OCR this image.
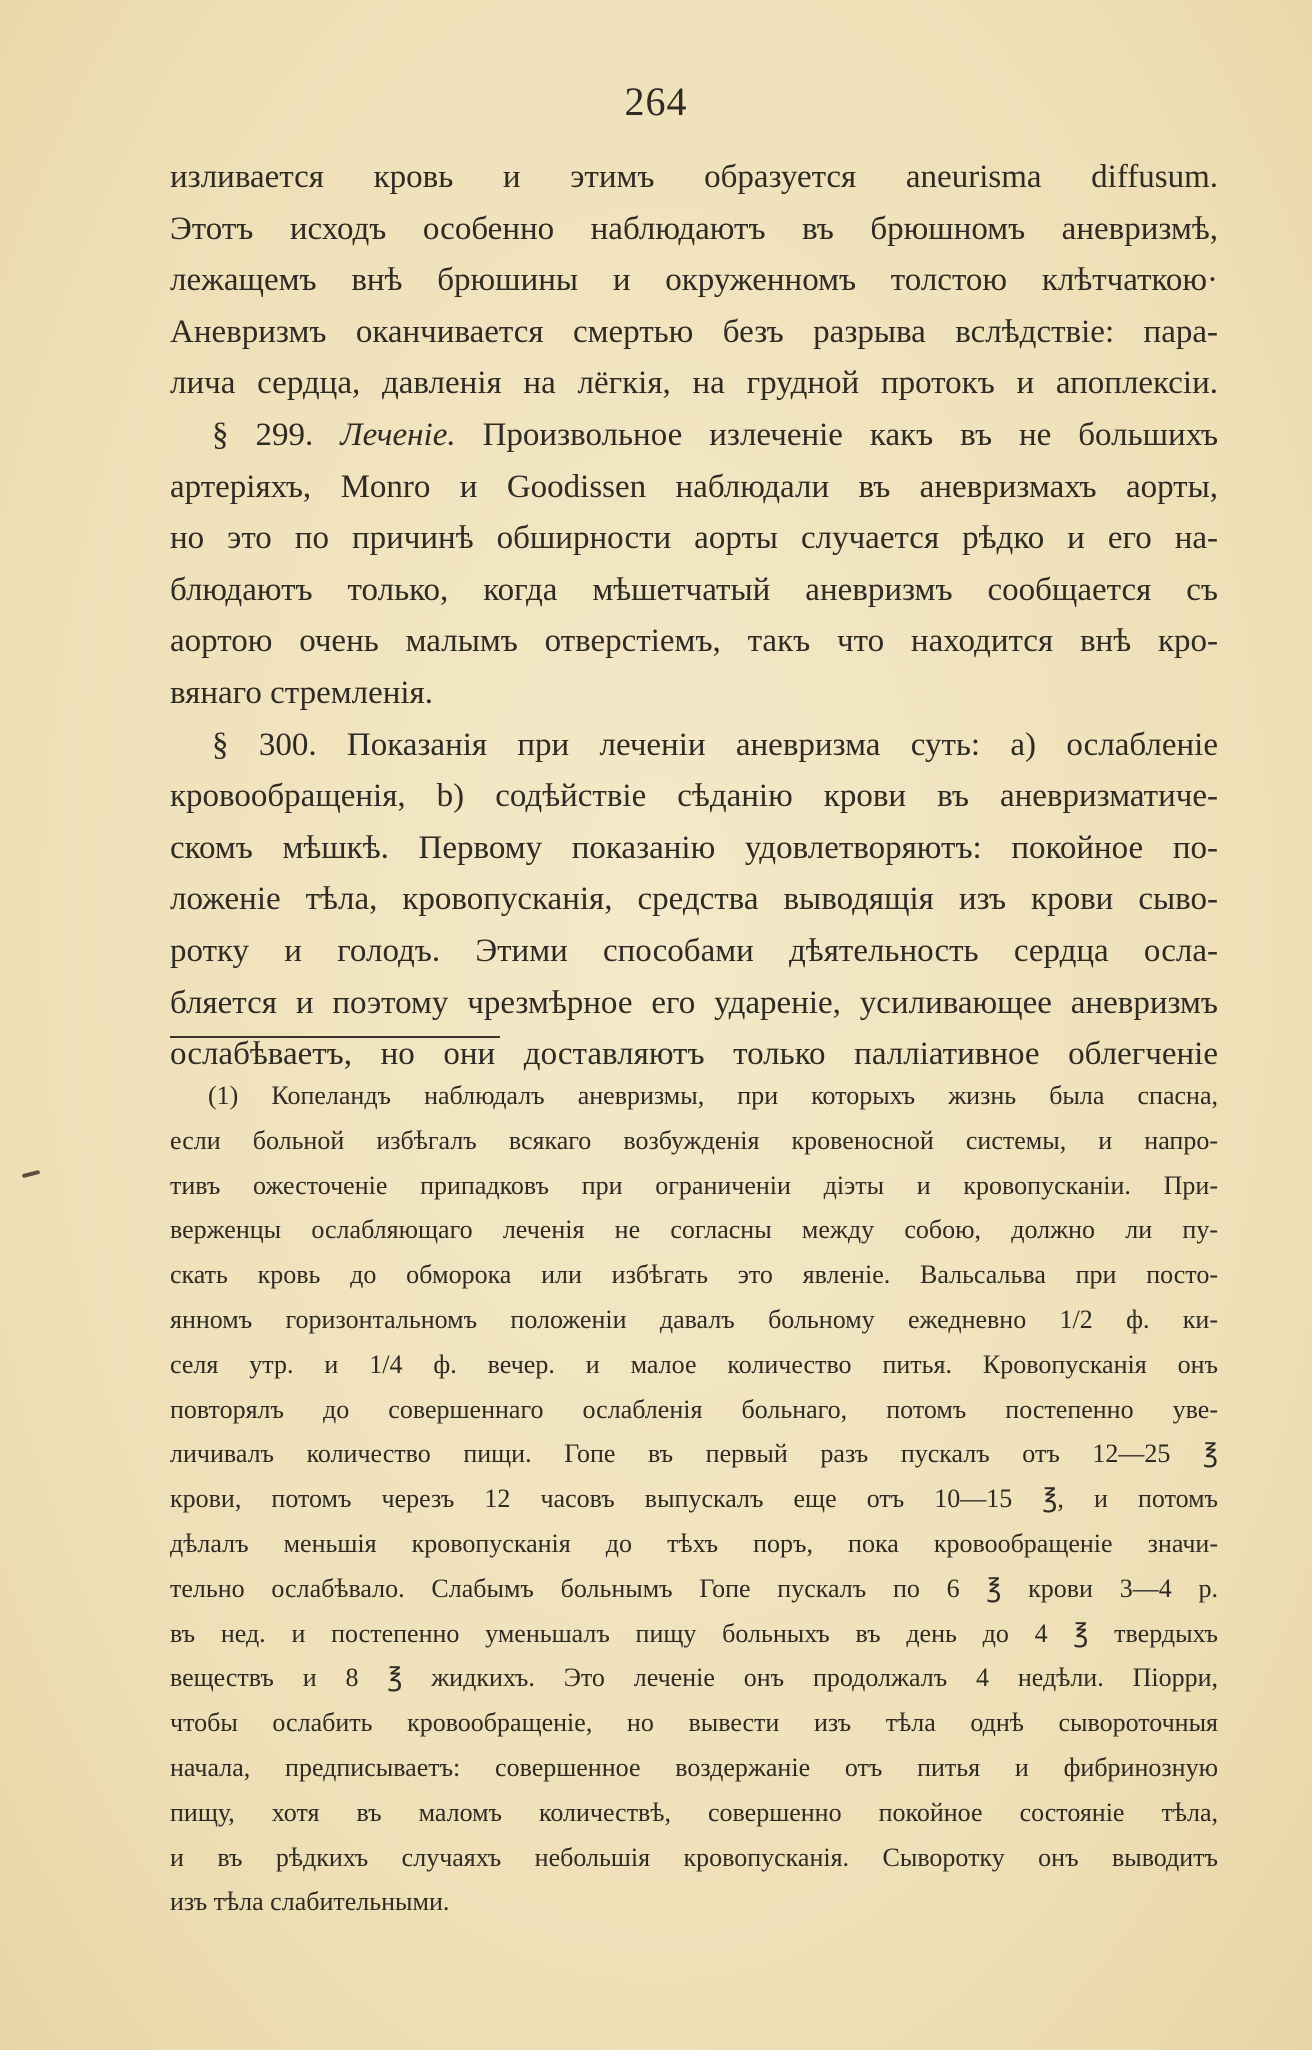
264
изливается кровь и этимъ образуется aneurisma diffusum.
Этотъ исходъ особенно наблюдаютъ въ брюшномъ аневризмѣ,
лежащемъ внѣ брюшины и окруженномъ толстою клѣтчаткою·
Аневризмъ оканчивается смертью безъ разрыва вслѣдствіе: пара-
лича сердца, давленія на лёгкія, на грудной протокъ и апоплексіи.
§ 299. Леченіе. Произвольное излеченіе какъ въ не большихъ
артеріяхъ, Monro и Goodissen наблюдали въ аневризмахъ аорты,
но это по причинѣ обширности аорты случается рѣдко и его на-
блюдаютъ только, когда мѣшетчатый аневризмъ сообщается съ
аортою очень малымъ отверстіемъ, такъ что находится внѣ кро-
вянаго стремленія.
§ 300. Показанія при леченіи аневризма суть: a) ослабленіе
кровообращенія, b) содѣйствіе сѣданію крови въ аневризматиче-
скомъ мѣшкѣ. Первому показанію удовлетворяютъ: покойное по-
ложеніе тѣла, кровопусканія, средства выводящія изъ крови сыво-
ротку и голодъ. Этими способами дѣятельность сердца осла-
бляется и поэтому чрезмѣрное его удареніе, усиливающее аневризмъ
ослабѣваетъ, но они доставляютъ только палліативное облегченіе
(1) Копеландъ наблюдалъ аневризмы, при которыхъ жизнь была спасна,
если больной избѣгалъ всякаго возбужденія кровеносной системы, и напро-
тивъ ожесточеніе припадковъ при ограниченіи діэты и кровопусканіи. При-
верженцы ослабляющаго леченія не согласны между собою, должно ли пу-
скать кровь до обморока или избѣгать это явленіе. Вальсальва при посто-
янномъ горизонтальномъ положеніи давалъ больному ежедневно 1/2 ф. ки-
селя утр. и 1/4 ф. вечер. и малое количество питья. Кровопусканія онъ
повторялъ до совершеннаго ослабленія больнаго, потомъ постепенно уве-
личивалъ количество пищи. Гопе въ первый разъ пускалъ отъ 12—25 ℥
крови, потомъ черезъ 12 часовъ выпускалъ еще отъ 10—15 ℥, и потомъ
дѣлалъ меньшія кровопусканія до тѣхъ поръ, пока кровообращеніе значи-
тельно ослабѣвало. Слабымъ больнымъ Гопе пускалъ по 6 ℥ крови 3—4 р.
въ нед. и постепенно уменьшалъ пищу больныхъ въ день до 4 ℥ твердыхъ
веществъ и 8 ℥ жидкихъ. Это леченіе онъ продолжалъ 4 недѣли. Піорри,
чтобы ослабить кровообращеніе, но вывести изъ тѣла однѣ сывороточныя
начала, предписываетъ: совершенное воздержаніе отъ питья и фибринозную
пищу, хотя въ маломъ количествѣ, совершенно покойное состояніе тѣла,
и въ рѣдкихъ случаяхъ небольшія кровопусканія. Сыворотку онъ выводитъ
изъ тѣла слабительными.
